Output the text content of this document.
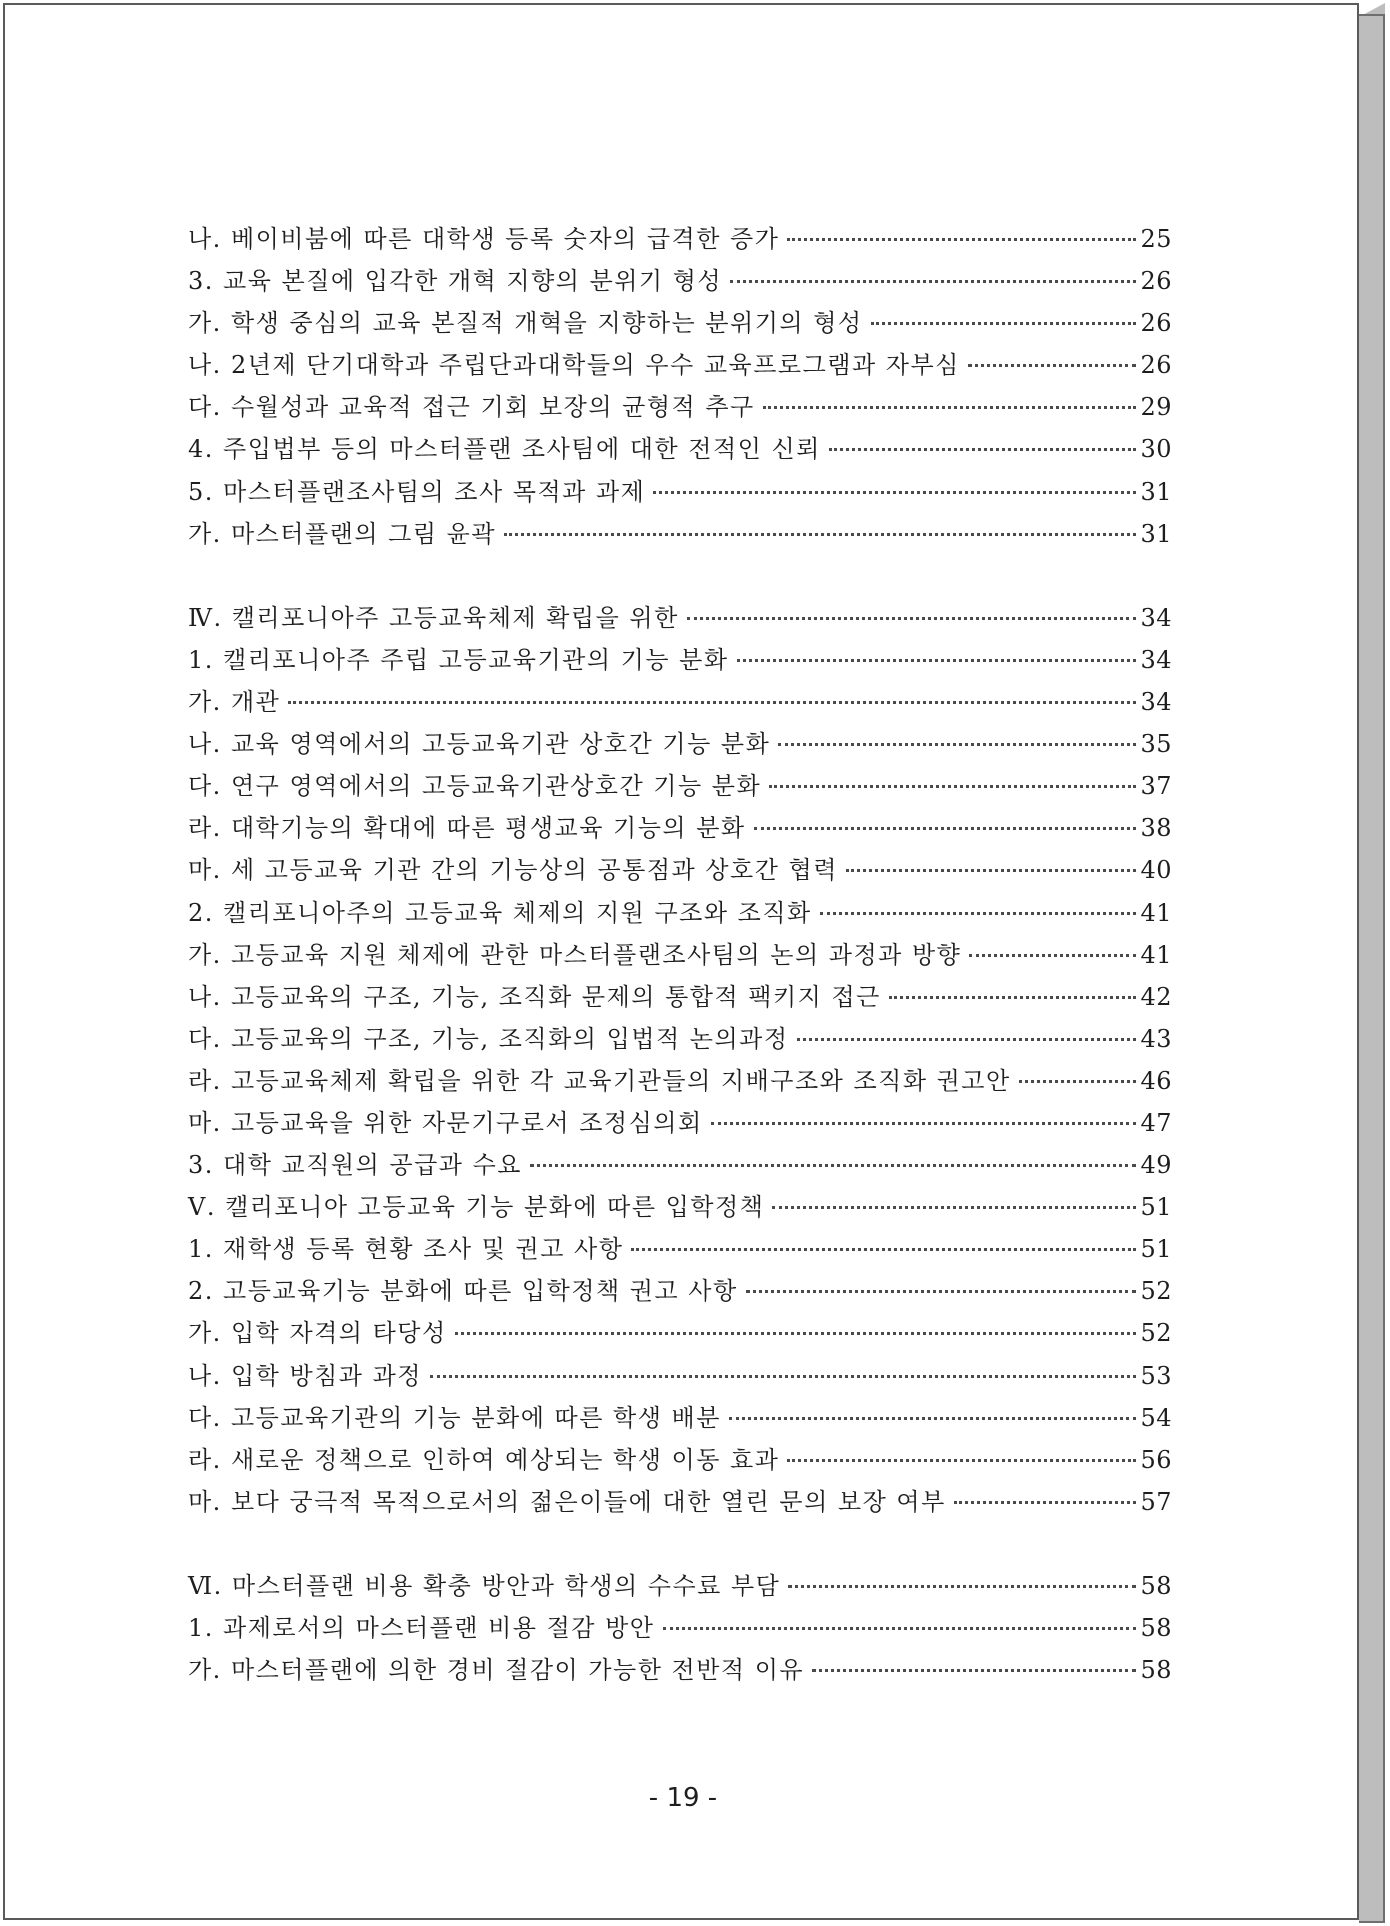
- 19 -
나. 베이비붐에 따른 대학생 등록 숫자의 급격한 증가	25
3. 교육 본질에 입각한 개혁 지향의 분위기 형성	26
가. 학생 중심의 교육 본질적 개혁을 지향하는 분위기의 형성	26
나. 2년제 단기대학과 주립단과대학들의 우수 교육프로그램과 자부심	26
다. 수월성과 교육적 접근 기회 보장의 균형적 추구	29
4. 주입법부 등의 마스터플랜 조사팀에 대한 전적인 신뢰	30
5. 마스터플랜조사팀의 조사 목적과 과제	31
가. 마스터플랜의 그림 윤곽	31
Ⅳ. 캘리포니아주 고등교육체제 확립을 위한	34
1. 캘리포니아주 주립 고등교육기관의 기능 분화	34
가. 개관	34
나. 교육 영역에서의 고등교육기관 상호간 기능 분화	35
다. 연구 영역에서의 고등교육기관상호간 기능 분화	37
라. 대학기능의 확대에 따른 평생교육 기능의 분화	38
마. 세 고등교육 기관 간의 기능상의 공통점과 상호간 협력	40
2. 캘리포니아주의 고등교육 체제의 지원 구조와 조직화	41
가. 고등교육 지원 체제에 관한 마스터플랜조사팀의 논의 과정과 방향	41
나. 고등교육의 구조, 기능, 조직화 문제의 통합적 팩키지 접근	42
다. 고등교육의 구조, 기능, 조직화의 입법적 논의과정	43
라. 고등교육체제 확립을 위한 각 교육기관들의 지배구조와 조직화 권고안	46
마. 고등교육을 위한 자문기구로서 조정심의회	47
3. 대학 교직원의 공급과 수요	49
Ⅴ. 캘리포니아 고등교육 기능 분화에 따른 입학정책	51
1. 재학생 등록 현황 조사 및 권고 사항	51
2. 고등교육기능 분화에 따른 입학정책 권고 사항	52
가. 입학 자격의 타당성	52
나. 입학 방침과 과정	53
다. 고등교육기관의 기능 분화에 따른 학생 배분	54
라. 새로운 정책으로 인하여 예상되는 학생 이동 효과	56
마. 보다 궁극적 목적으로서의 젊은이들에 대한 열린 문의 보장 여부	57
Ⅵ. 마스터플랜 비용 확충 방안과 학생의 수수료 부담	58
1. 과제로서의 마스터플랜 비용 절감 방안	58
가. 마스터플랜에 의한 경비 절감이 가능한 전반적 이유	58
